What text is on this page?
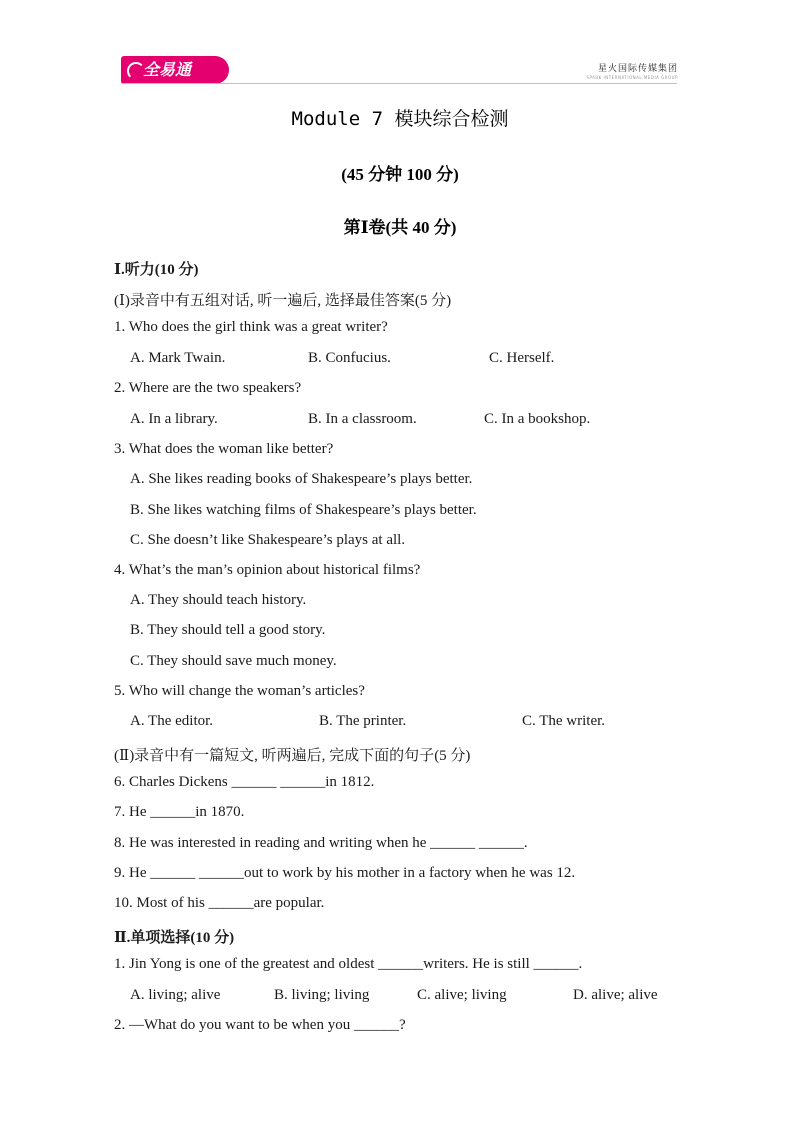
全易通	星火国际传媒集团
SPARK INTERNATIONAL MEDIA GROUP
Module 7 模块综合检测
(45 分钟 100 分)
第Ⅰ卷(共 40 分)
Ⅰ.听力(10 分)
(Ⅰ)录音中有五组对话, 听一遍后, 选择最佳答案(5 分)
1. Who does the girl think was a great writer?
A. Mark Twain.	B. Confucius.	C. Herself.
2. Where are the two speakers?
A. In a library.	B. In a classroom.	C. In a bookshop.
3. What does the woman like better?
A. She likes reading books of Shakespeare’s plays better.
B. She likes watching films of Shakespeare’s plays better.
C. She doesn’t like Shakespeare’s plays at all.
4. What’s the man’s opinion about historical films?
A. They should teach history.
B. They should tell a good story.
C. They should save much money.
5. Who will change the woman’s articles?
A. The editor.	B. The printer.	C. The writer.
(Ⅱ)录音中有一篇短文, 听两遍后, 完成下面的句子(5 分)
6. Charles Dickens ______ ______in 1812.
7. He ______in 1870.
8. He was interested in reading and writing when he ______ ______.
9. He ______ ______out to work by his mother in a factory when he was 12.
10. Most of his ______are popular.
Ⅱ.单项选择(10 分)
1. Jin Yong is one of the greatest and oldest ______writers. He is still ______.
A. living; alive	B. living; living	C. alive; living	D. alive; alive
2. —What do you want to be when you ______?
